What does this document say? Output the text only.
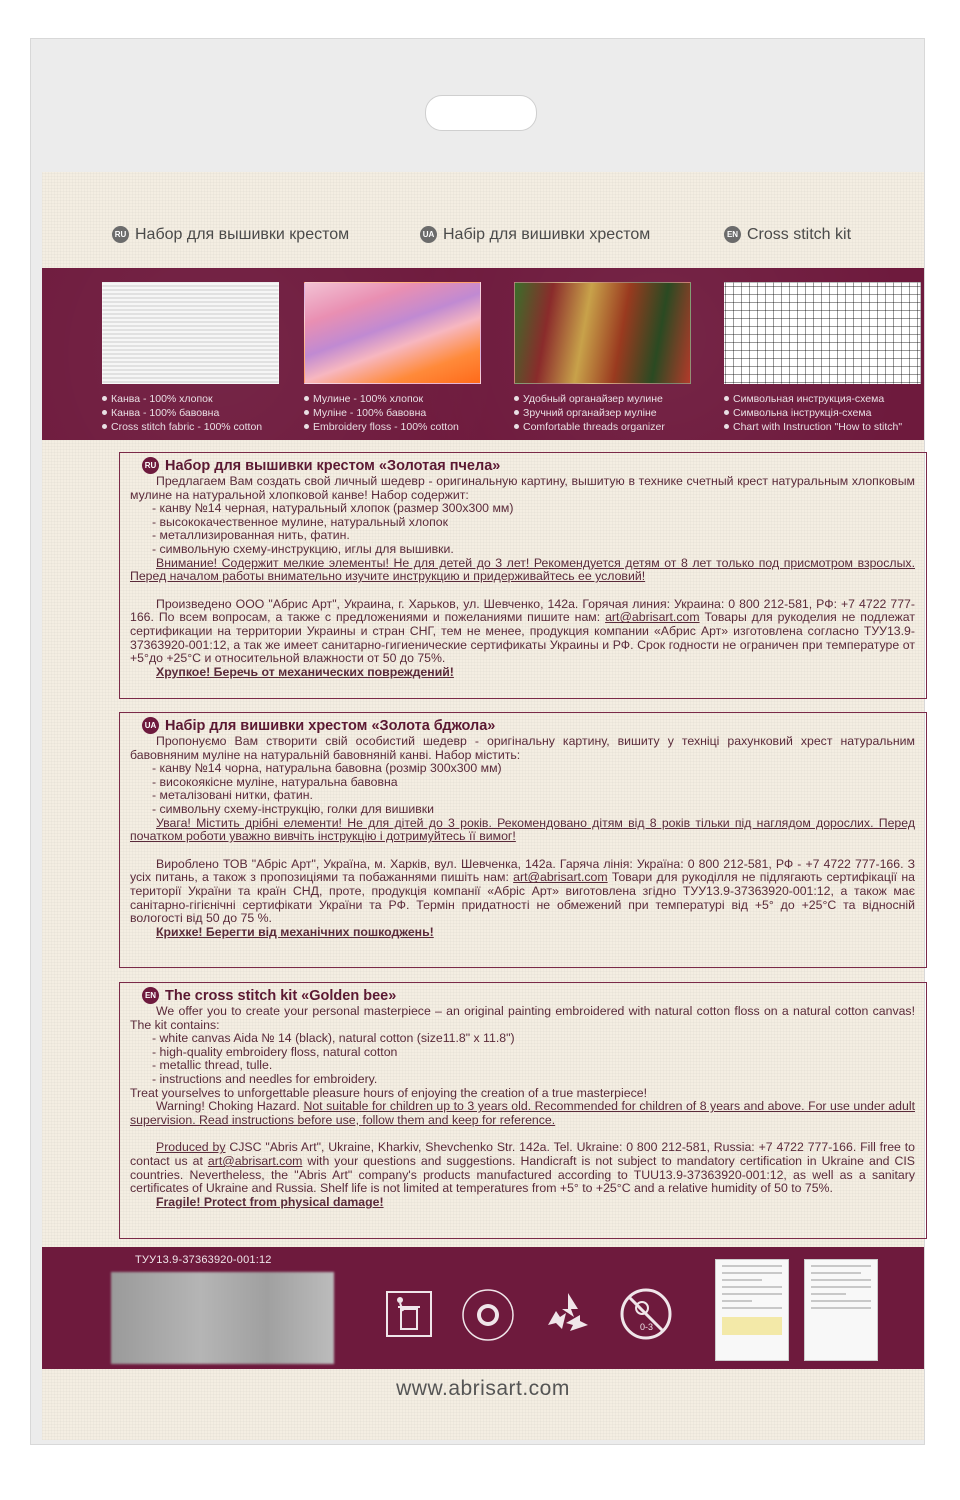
RU Набор для вышивки крестом	UA Набір для вишивки хрестом	EN Cross stitch kit
Канва - 100% хлопок
Канва - 100% бавовна
Cross stitch fabric - 100% cotton
Мулине - 100% хлопок
Муліне - 100% бавовна
Embroidery floss - 100% cotton
Удобный органайзер мулине
Зручний органайзер муліне
Comfortable threads organizer
Символьная инструкция-схема
Символьна інструкція-схема
Chart with Instruction "How to stitch"
RU Набор для вышивки крестом «Золотая пчела»

Предлагаем Вам создать свой личный шедевр - оригинальную картину, вышитую в технике счетный крест натуральным хлопковым мулине на натуральной хлопковой канве! Набор содержит:

- канву №14 черная, натуральный хлопок (размер 300х300 мм)
- высококачественное мулине, натуральный хлопок
- металлизированная нить, фатин.
- символьную схему-инструкцию, иглы для вышивки.

Внимание! Содержит мелкие элементы! Не для детей до 3 лет! Рекомендуется детям от 8 лет только под присмотром взрослых. Перед началом работы внимательно изучите инструкцию и придерживайтесь ее условий!

Произведено ООО "Абрис Арт", Украина, г. Харьков, ул. Шевченко, 142а. Горячая линия: Украина: 0 800 212-581, РФ: +7 4722 777-166. По всем вопросам, а также с предложениями и пожеланиями пишите нам: art@abrisart.com Товары для рукоделия не подлежат сертификации на территории Украины и стран СНГ, тем не менее, продукция компании «Абрис Арт» изготовлена согласно ТУУ13.9-37363920-001:12, а так же имеет санитарно-гигиенические сертификаты Украины и РФ. Срок годности не ограничен при температуре от +5°до +25°С и относительной влажности от 50 до 75%.

Хрупкое! Беречь от механических повреждений!

UA Набір для вишивки хрестом «Золота бджола»

Пропонуємо Вам створити свій особистий шедевр - оригінальну картину, вишиту у техніці рахунковий хрест натуральним бавовняним муліне на натуральній бавовняній канві. Набор містить:

- канву №14 чорна, натуральна бавовна (розмір 300х300 мм)
- високоякісне муліне, натуральна бавовна
- металізовані нитки, фатин.
- символьну схему-інструкцію, голки для вишивки

Увага! Містить дрібні елементи! Не для дітей до 3 років. Рекомендовано дітям від 8 років тільки під наглядом дорослих. Перед початком роботи уважно вивчіть інструкцію і дотримуйтесь її вимог!

Вироблено ТОВ "Абріс Арт", Україна, м. Харків, вул. Шевченка, 142а. Гаряча лінія: Україна: 0 800 212-581, РФ - +7 4722 777-166. З усіх питань, а також з пропозиціями та побажаннями пишіть нам: art@abrisart.com Товари для рукоділля не підлягають сертифікації на території України та країн СНД, проте, продукція компанії «Абріс Арт» виготовлена згідно ТУУ13.9-37363920-001:12, а також має санітарно-гігієнічні сертифікати України та РФ. Термін придатності не обмежений при температурі від +5° до +25°С та відносній вологості від 50 до 75 %.

Крихке! Берегти від механічних пошкоджень!

EN The cross stitch kit «Golden bee»

We offer you to create your personal masterpiece – an original painting embroidered with natural cotton floss on a natural cotton canvas! The kit contains:

- white canvas Aida № 14 (black), natural cotton (size11.8" x 11.8")
- high-quality embroidery floss, natural cotton
- metallic thread, tulle.
- instructions and needles for embroidery.

Treat yourselves to unforgettable pleasure hours of enjoying the creation of a true masterpiece!

Warning! Choking Hazard. Not suitable for children up to 3 years old. Recommended for children of 8 years and above. For use under adult supervision. Read instructions before use, follow them and keep for reference.

Produced by CJSC "Abris Art", Ukraine, Kharkiv, Shevchenko Str. 142a. Tel. Ukraine: 0 800 212-581, Russia: +7 4722 777-166. Fill free to contact us at art@abrisart.com with your questions and suggestions. Handicraft is not subject to mandatory certification in Ukraine and CIS countries. Nevertheless, the "Abris Art" company's products manufactured according to TUU13.9-37363920-001:12, as well as a sanitary certificates of Ukraine and Russia. Shelf life is not limited at temperatures from +5° to +25°C and a relative humidity of 50 to 75%.

Fragile! Protect from physical damage!

ТУУ13.9-37363920-001:12
0-3
www.abrisart.com
